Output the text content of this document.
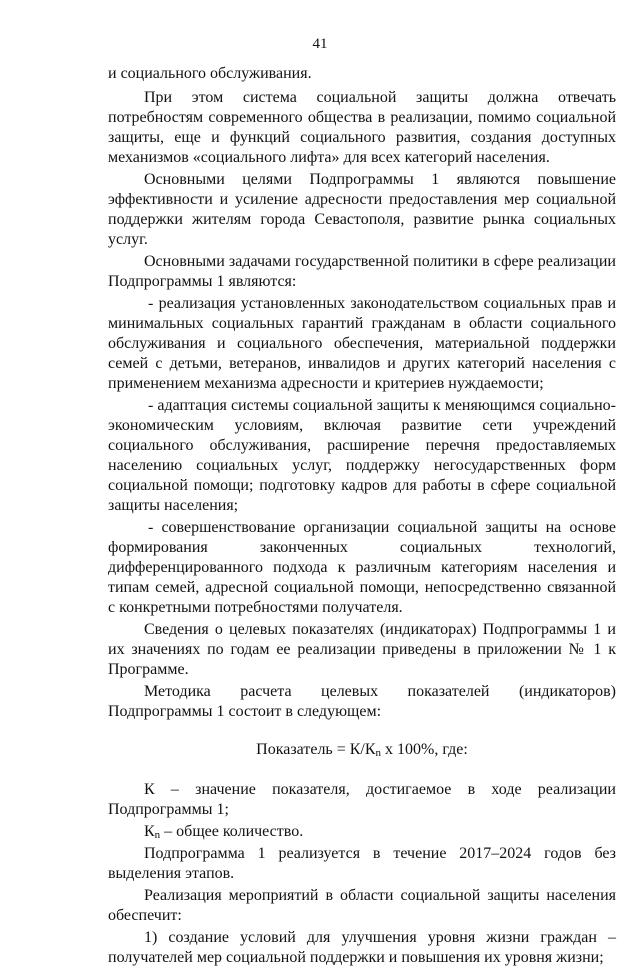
41

и социального обслуживания.

При этом система социальной защиты должна отвечать потребностям современного общества в реализации, помимо социальной защиты, еще и функций социального развития, создания доступных механизмов «социального лифта» для всех категорий населения.

Основными целями Подпрограммы 1 являются повышение эффективности и усиление адресности предоставления мер социальной поддержки жителям города Севастополя, развитие рынка социальных услуг.

Основными задачами государственной политики в сфере реализации Подпрограммы 1 являются:

- реализация установленных законодательством социальных прав и минимальных социальных гарантий гражданам в области социального обслуживания и социального обеспечения, материальной поддержки семей с детьми, ветеранов, инвалидов и других категорий населения с применением механизма адресности и критериев нуждаемости;

- адаптация системы социальной защиты к меняющимся социально-экономическим условиям, включая развитие сети учреждений социального обслуживания, расширение перечня предоставляемых населению социальных услуг, поддержку негосударственных форм социальной помощи; подготовку кадров для работы в сфере социальной защиты населения;

- совершенствование организации социальной защиты на основе формирования законченных социальных технологий, дифференцированного подхода к различным категориям населения и типам семей, адресной социальной помощи, непосредственно связанной с конкретными потребностями получателя.

Сведения о целевых показателях (индикаторах) Подпрограммы 1 и их значениях по годам ее реализации приведены в приложении № 1 к Программе.

Методика расчета целевых показателей (индикаторов) Подпрограммы 1 состоит в следующем:

Показатель = $К/К_n$ х 100%, где:

К – значение показателя, достигаемое в ходе реализации Подпрограммы 1;

$К_n$ – общее количество.

Подпрограмма 1 реализуется в течение 2017–2024 годов без выделения этапов.

Реализация мероприятий в области социальной защиты населения обеспечит:

1) создание условий для улучшения уровня жизни граждан – получателей мер социальной поддержки и повышения их уровня жизни;
